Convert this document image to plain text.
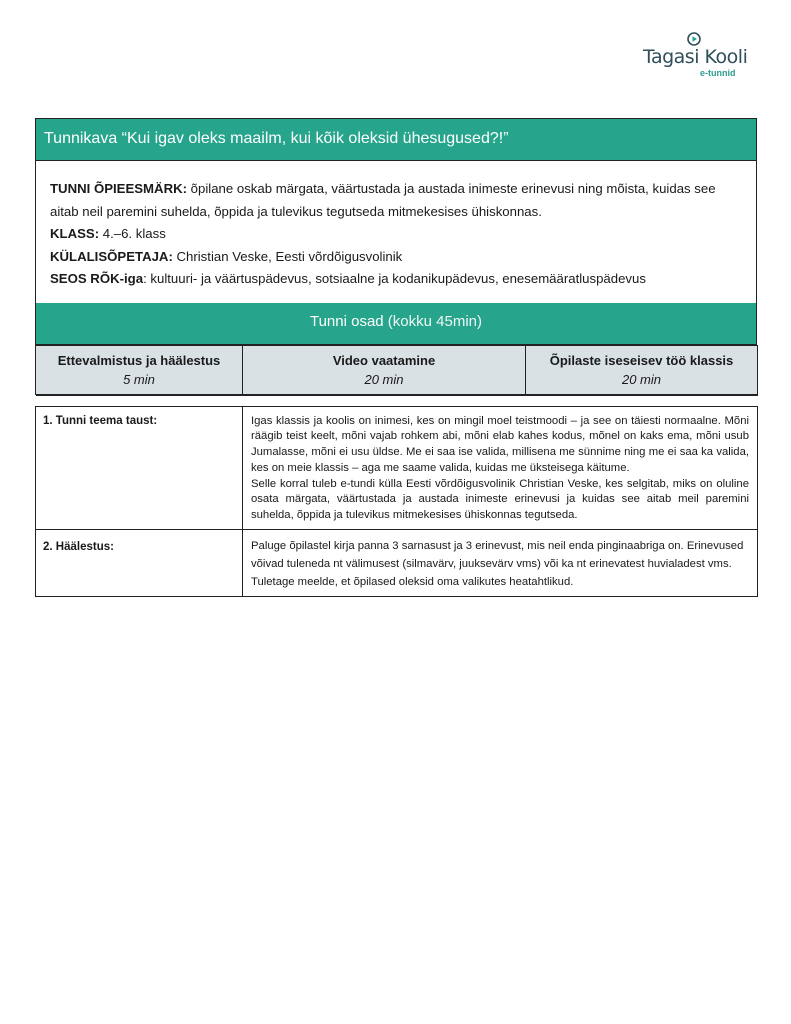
Tagasi Kooli
e-tunnid
Tunnikava “Kui igav oleks maailm, kui kõik oleksid ühesugused?!”
TUNNI ÕPIEESMÄRK: õpilane oskab märgata, väärtustada ja austada inimeste erinevusi ning mõista, kuidas see aitab neil paremini suhelda, õppida ja tulevikus tegutseda mitmekesises ühiskonnas.
KLASS: 4.–6. klass
KÜLALISÕPETAJA: Christian Veske, Eesti võrdõigusvolinik
SEOS RÕK-iga: kultuuri- ja väärtuspädevus, sotsiaalne ja kodanikupädevus, enesemääratluspädevus
Tunni osad (kokku 45min)
Ettevalmistus ja häälestus
5 min
	Video vaatamine
20 min
	Õpilaste iseseisev töö klassis
20 min

1. Tunni teema taust:	Igas klassis ja koolis on inimesi, kes on mingil moel teistmoodi – ja see on täiesti normaalne. Mõni räägib teist keelt, mõni vajab rohkem abi, mõni elab kahes kodus, mõnel on kaks ema, mõni usub Jumalasse, mõni ei usu üldse. Me ei saa ise valida, millisena me sünnime ning me ei saa ka valida, kes on meie klassis – aga me saame valida, kuidas me üksteisega käitume.
Selle korral tuleb e-tundi külla Eesti võrdõigusvolinik Christian Veske, kes selgitab, miks on oluline osata märgata, väärtustada ja austada inimeste erinevusi ja kuidas see aitab meil paremini suhelda, õppida ja tulevikus mitmekesises ühiskonnas tegutseda.

2. Häälestus:	Paluge õpilastel kirja panna 3 sarnasust ja 3 erinevust, mis neil enda pinginaabriga on. Erinevused võivad tuleneda nt välimusest (silmavärv, juuksevärv vms) või ka nt erinevatest huvialadest vms. Tuletage meelde, et õpilased oleksid oma valikutes heatahtlikud.
